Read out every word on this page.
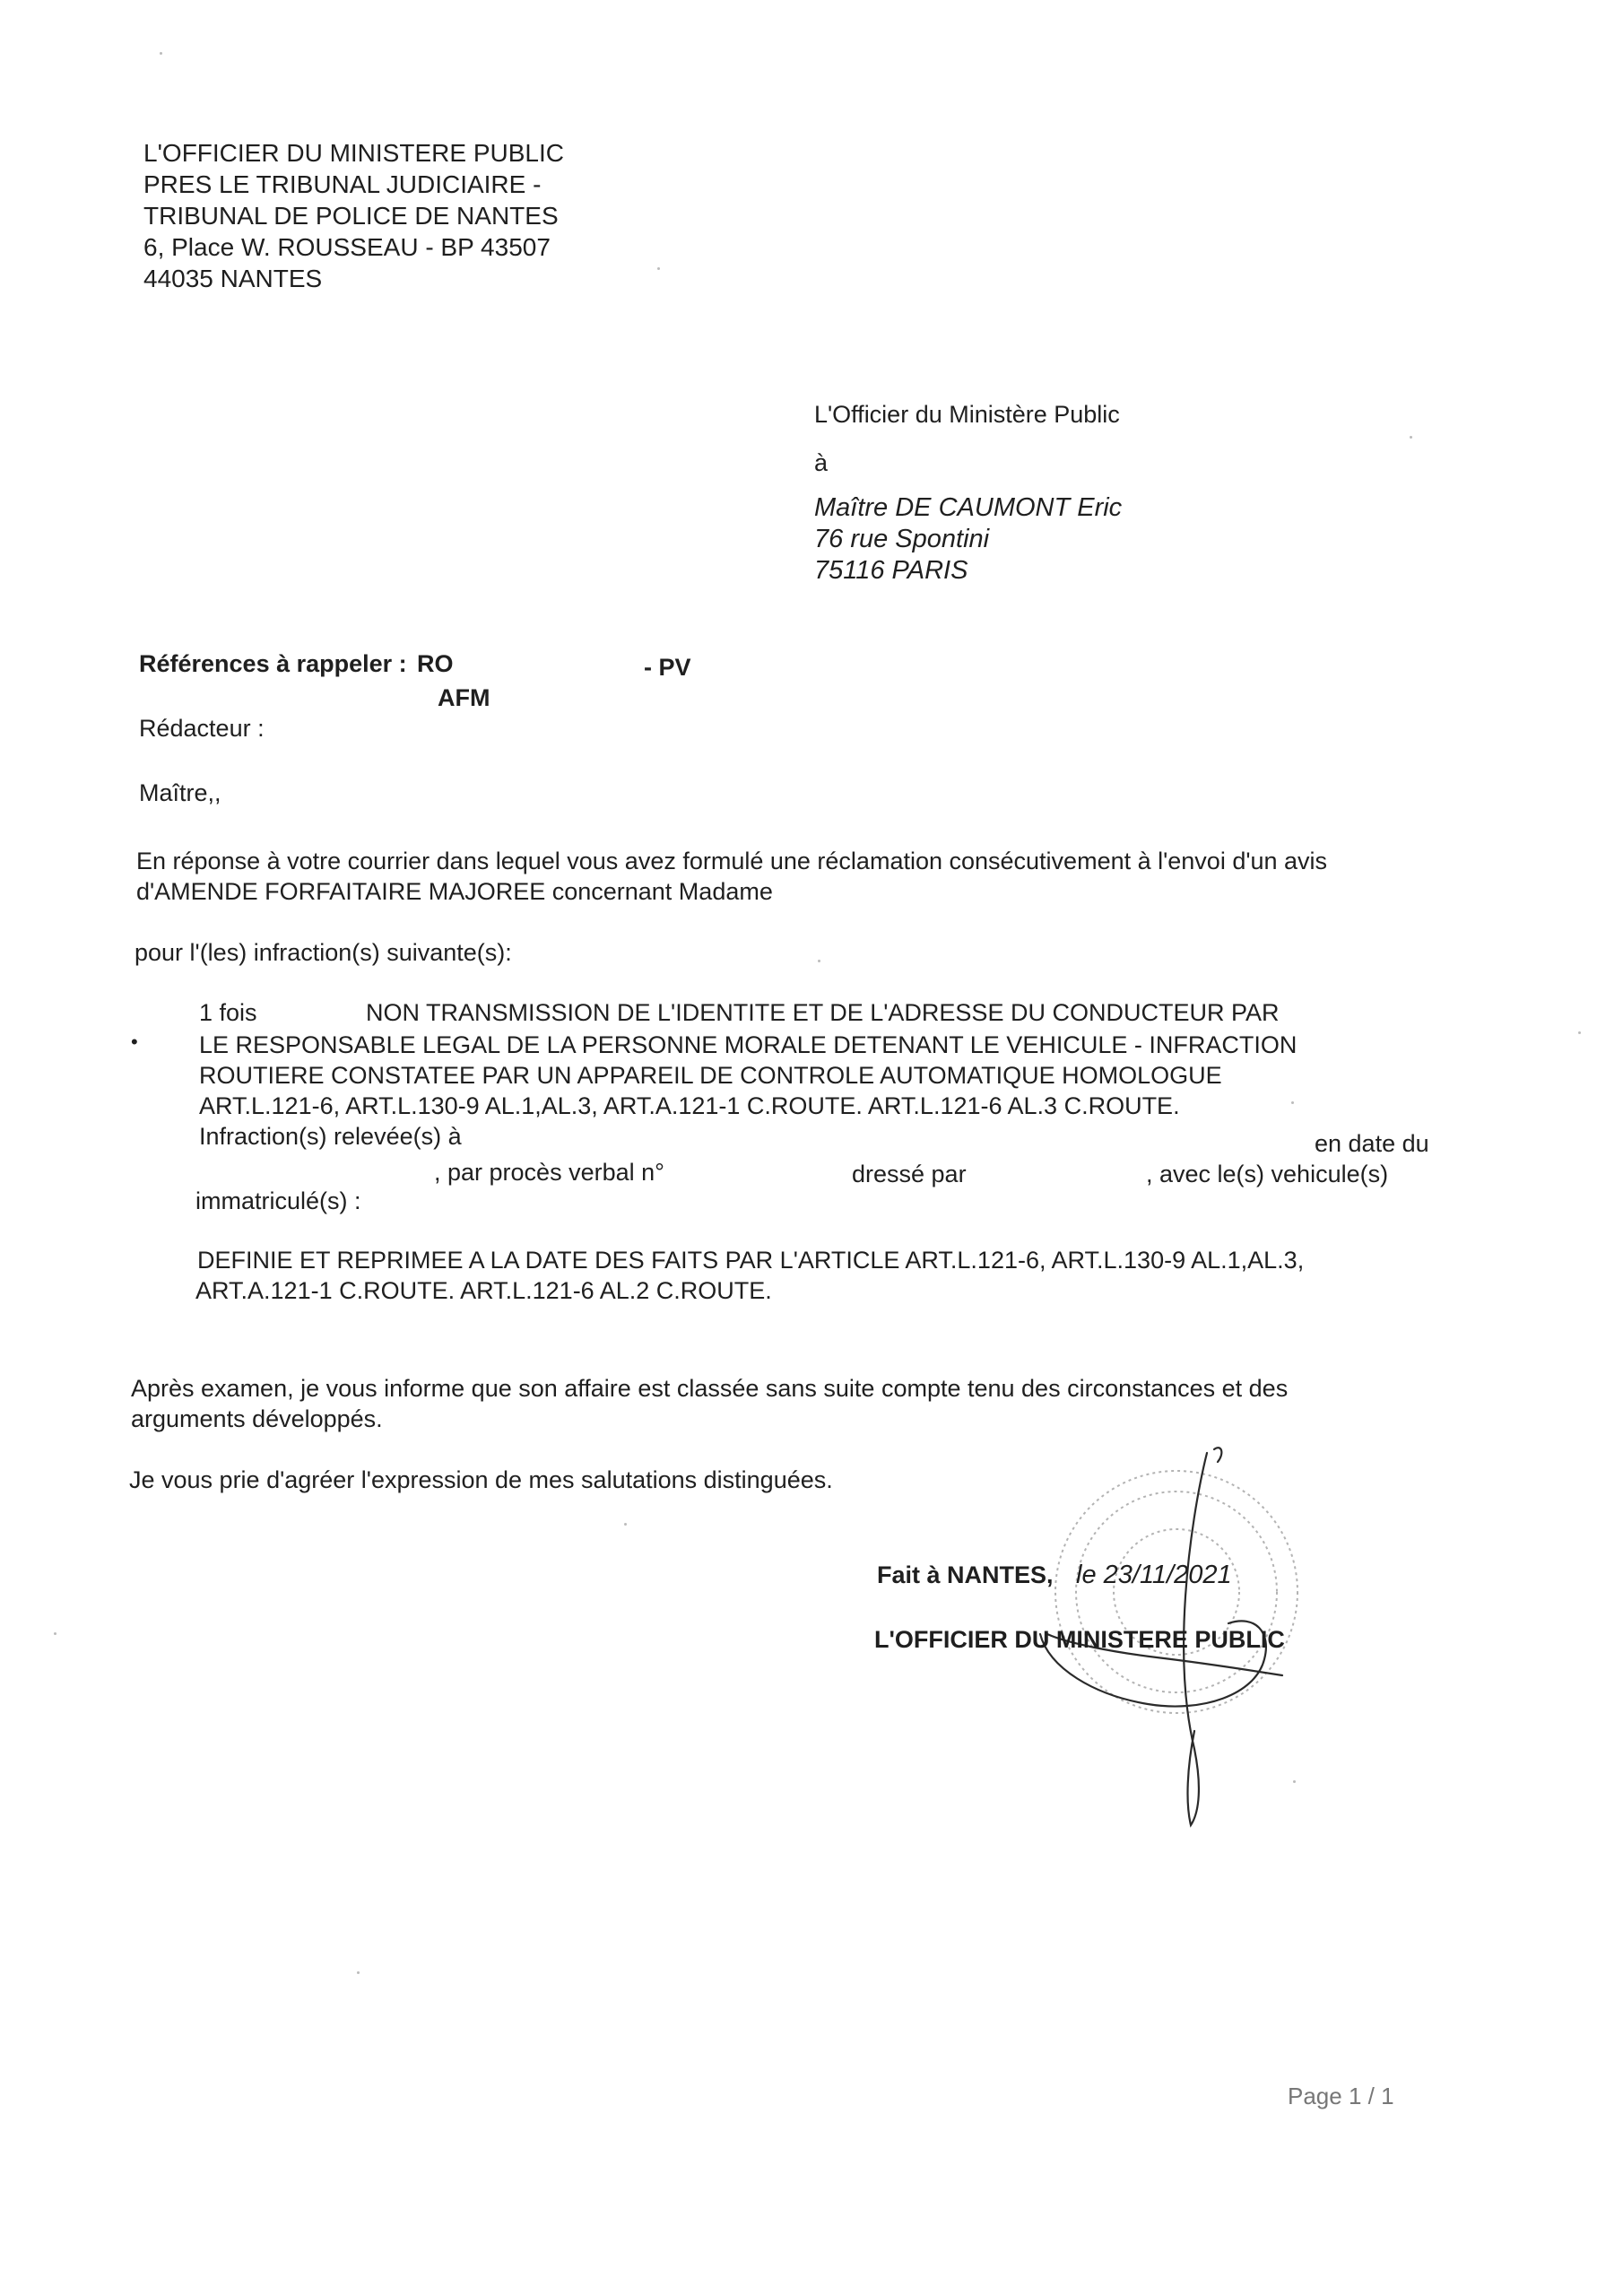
L'OFFICIER DU MINISTERE PUBLIC
PRES LE TRIBUNAL JUDICIAIRE -
TRIBUNAL DE POLICE DE NANTES
6, Place W. ROUSSEAU - BP 43507
44035 NANTES
L'Officier du Ministère Public
à
Maître DE CAUMONT Eric
76 rue Spontini
75116 PARIS
Références à rappeler : RO	- PV
AFM
Rédacteur :
Maître,,
En réponse à votre courrier dans lequel vous avez formulé une réclamation consécutivement à l'envoi d'un avis
d'AMENDE FORFAITAIRE MAJOREE concernant Madame
pour l'(les) infraction(s) suivante(s):
1 fois
•
NON TRANSMISSION DE L'IDENTITE ET DE L'ADRESSE DU CONDUCTEUR PAR
LE RESPONSABLE LEGAL DE LA PERSONNE MORALE DETENANT LE VEHICULE - INFRACTION
ROUTIERE CONSTATEE PAR UN APPAREIL DE CONTROLE AUTOMATIQUE HOMOLOGUE
ART.L.121-6, ART.L.130-9 AL.1,AL.3, ART.A.121-1 C.ROUTE. ART.L.121-6 AL.3 C.ROUTE.
Infraction(s) relevée(s) à	en date du
, par procès verbal n°	dressé par	, avec le(s) vehicule(s)
immatriculé(s) :
DEFINIE ET REPRIMEE A LA DATE DES FAITS PAR L'ARTICLE ART.L.121-6, ART.L.130-9 AL.1,AL.3,
ART.A.121-1 C.ROUTE. ART.L.121-6 AL.2 C.ROUTE.
Après examen, je vous informe que son affaire est classée sans suite compte tenu des circonstances et des
arguments développés.
Je vous prie d'agréer l'expression de mes salutations distinguées.
Fait à NANTES, le 23/11/2021
L'OFFICIER DU MINISTERE PUBLIC
Page 1 / 1
